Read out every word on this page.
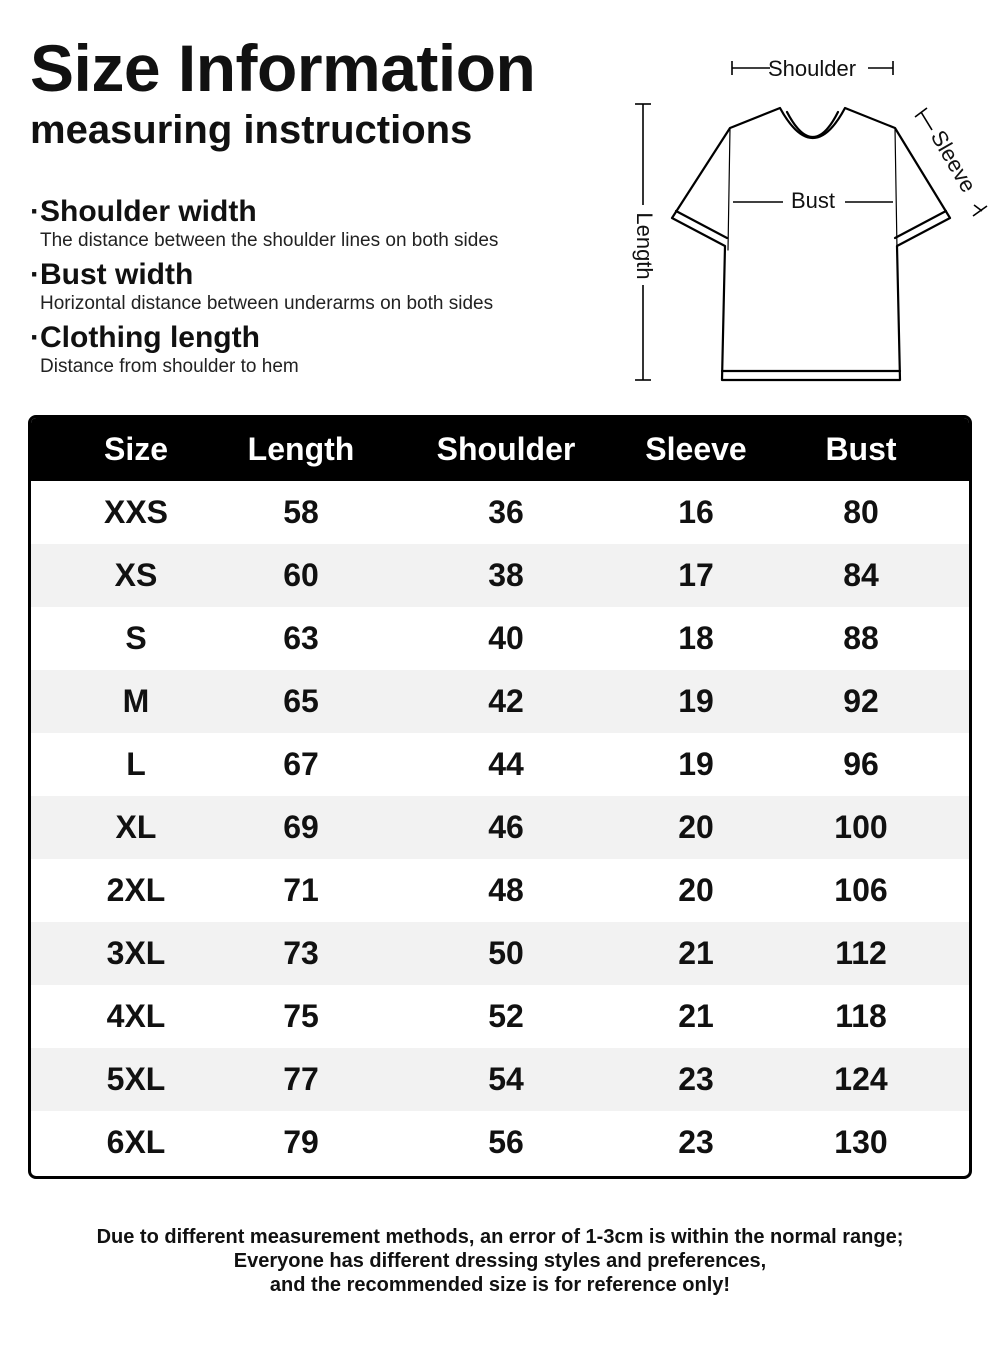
Size Information
measuring instructions
·Shoulder width
The distance between the shoulder lines on both sides
·Bust width
Horizontal distance between underarms on both sides
·Clothing length
Distance from shoulder to hem
Shoulder
Bust
Length
Sleeve
Size	Length	Shoulder	Sleeve	Bust
XXS	58	36	16	80
XS	60	38	17	84
S	63	40	18	88
M	65	42	19	92
L	67	44	19	96
XL	69	46	20	100
2XL	71	48	20	106
3XL	73	50	21	112
4XL	75	52	21	118
5XL	77	54	23	124
6XL	79	56	23	130
Due to different measurement methods, an error of 1-3cm is within the normal range;
Everyone has different dressing styles and preferences,
and the recommended size is for reference only!
